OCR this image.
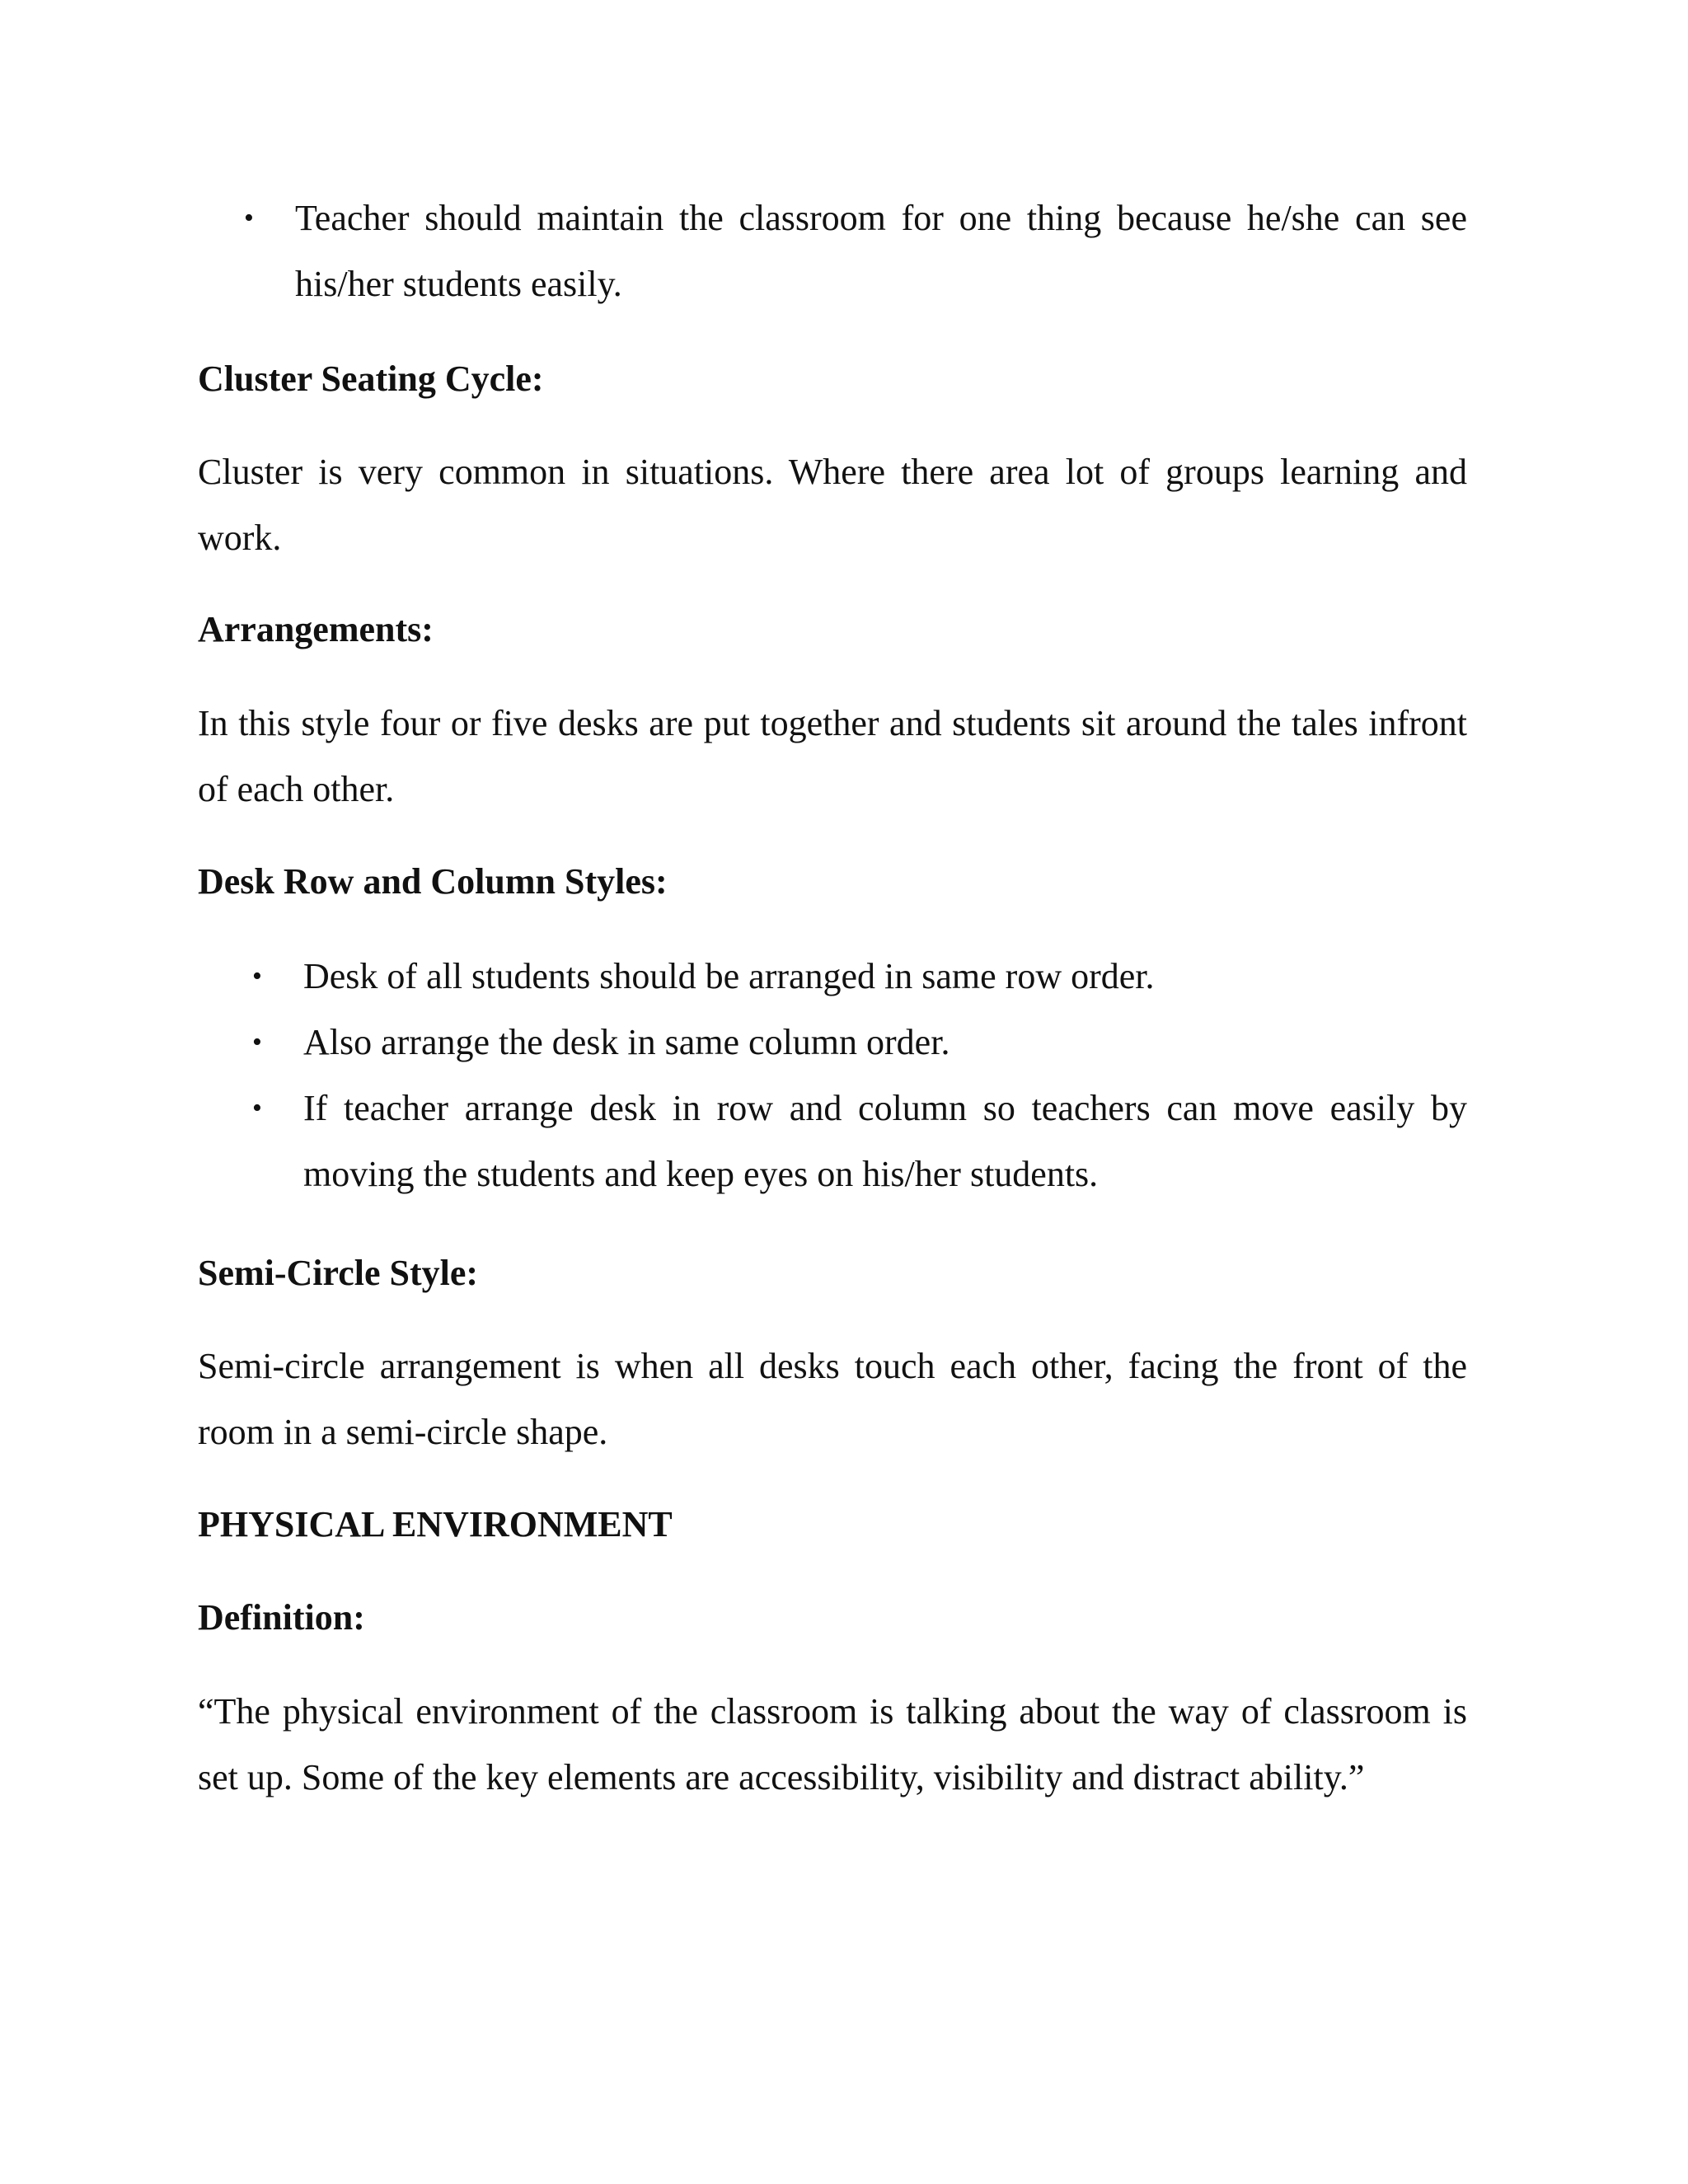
• Teacher should maintain the classroom for one thing because he/she can see his/her students easily.

Cluster Seating Cycle:

Cluster is very common in situations. Where there area lot of groups learning and work.

Arrangements:

In this style four or five desks are put together and students sit around the tales infront of each other.

Desk Row and Column Styles:

• Desk of all students should be arranged in same row order.
• Also arrange the desk in same column order.
• If teacher arrange desk in row and column so teachers can move easily by moving the students and keep eyes on his/her students.

Semi-Circle Style:

Semi-circle arrangement is when all desks touch each other, facing the front of the room in a semi-circle shape.

PHYSICAL ENVIRONMENT

Definition:

“The physical environment of the classroom is talking about the way of classroom is set up. Some of the key elements are accessibility, visibility and distract ability.”
